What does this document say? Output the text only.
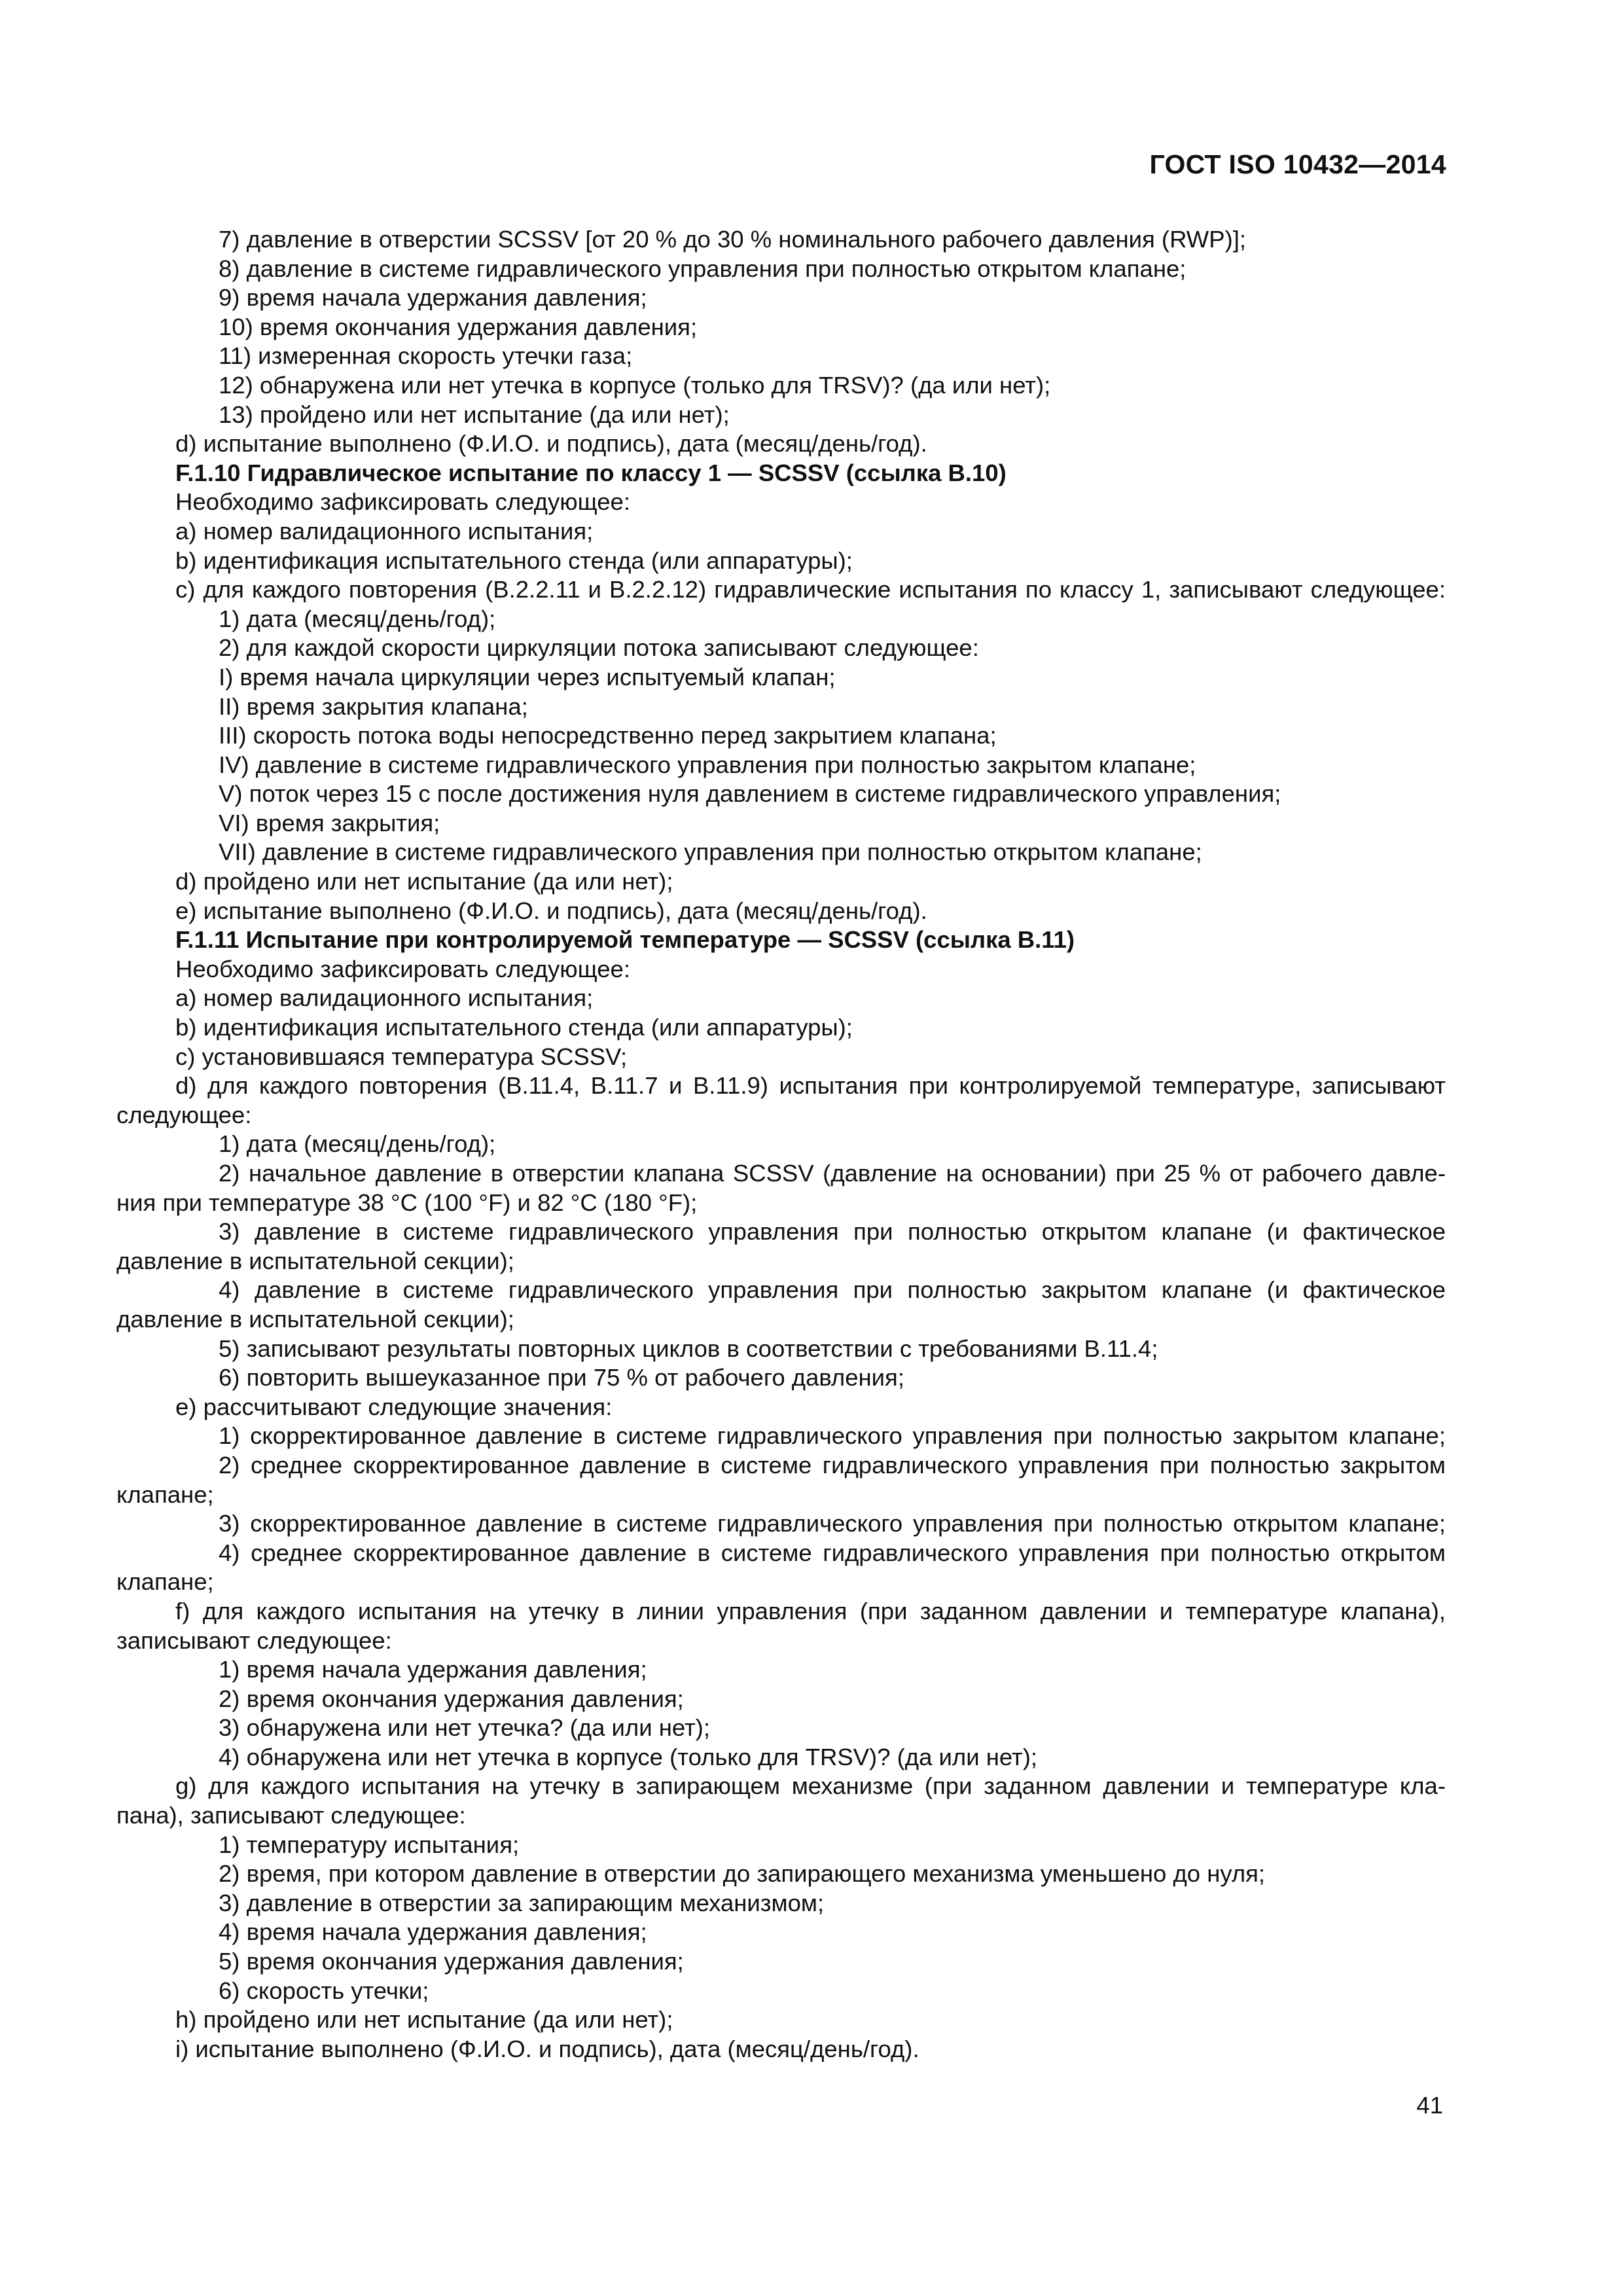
ГОСТ ISO 10432—2014
7) давление в отверстии SCSSV [от 20 % до 30 % номинального рабочего давления (RWP)];
8) давление в системе гидравлического управления при полностью открытом клапане;
9) время начала удержания давления;
10) время окончания удержания давления;
11) измеренная скорость утечки газа;
12) обнаружена или нет утечка в корпусе (только для TRSV)? (да или нет);
13) пройдено или нет испытание (да или нет);
d) испытание выполнено (Ф.И.О. и подпись), дата (месяц/день/год).
F.1.10 Гидравлическое испытание по классу 1 — SCSSV (ссылка B.10)
Необходимо зафиксировать следующее:
a) номер валидационного испытания;
b) идентификация испытательного стенда (или аппаратуры);
c) для каждого повторения (B.2.2.11 и B.2.2.12) гидравлические испытания по классу 1, записывают следующее:
1) дата (месяц/день/год);
2) для каждой скорости циркуляции потока записывают следующее:
I) время начала циркуляции через испытуемый клапан;
II) время закрытия клапана;
III) скорость потока воды непосредственно перед закрытием клапана;
IV) давление в системе гидравлического управления при полностью закрытом клапане;
V) поток через 15 с после достижения нуля давлением в системе гидравлического управления;
VI) время закрытия;
VII) давление в системе гидравлического управления при полностью открытом клапане;
d) пройдено или нет испытание (да или нет);
e) испытание выполнено (Ф.И.О. и подпись), дата (месяц/день/год).
F.1.11 Испытание при контролируемой температуре — SCSSV (ссылка B.11)
Необходимо зафиксировать следующее:
a) номер валидационного испытания;
b) идентификация испытательного стенда (или аппаратуры);
c) установившаяся температура SCSSV;
d) для каждого повторения (B.11.4, B.11.7 и B.11.9) испытания при контролируемой температуре, записывают
следующее:
1) дата (месяц/день/год);
2) начальное давление в отверстии клапана SCSSV (давление на основании) при 25 % от рабочего давле-
ния при температуре 38 °C (100 °F) и 82 °C (180 °F);
3) давление в системе гидравлического управления при полностью открытом клапане (и фактическое
давление в испытательной секции);
4) давление в системе гидравлического управления при полностью закрытом клапане (и фактическое
давление в испытательной секции);
5) записывают результаты повторных циклов в соответствии с требованиями B.11.4;
6) повторить вышеуказанное при 75 % от рабочего давления;
e) рассчитывают следующие значения:
1) скорректированное давление в системе гидравлического управления при полностью закрытом клапане;
2) среднее скорректированное давление в системе гидравлического управления при полностью закрытом
клапане;
3) скорректированное давление в системе гидравлического управления при полностью открытом клапане;
4) среднее скорректированное давление в системе гидравлического управления при полностью открытом
клапане;
f) для каждого испытания на утечку в линии управления (при заданном давлении и температуре клапана),
записывают следующее:
1) время начала удержания давления;
2) время окончания удержания давления;
3) обнаружена или нет утечка? (да или нет);
4) обнаружена или нет утечка в корпусе (только для TRSV)? (да или нет);
g) для каждого испытания на утечку в запирающем механизме (при заданном давлении и температуре кла-
пана), записывают следующее:
1) температуру испытания;
2) время, при котором давление в отверстии до запирающего механизма уменьшено до нуля;
3) давление в отверстии за запирающим механизмом;
4) время начала удержания давления;
5) время окончания удержания давления;
6) скорость утечки;
h) пройдено или нет испытание (да или нет);
i) испытание выполнено (Ф.И.О. и подпись), дата (месяц/день/год).
41
